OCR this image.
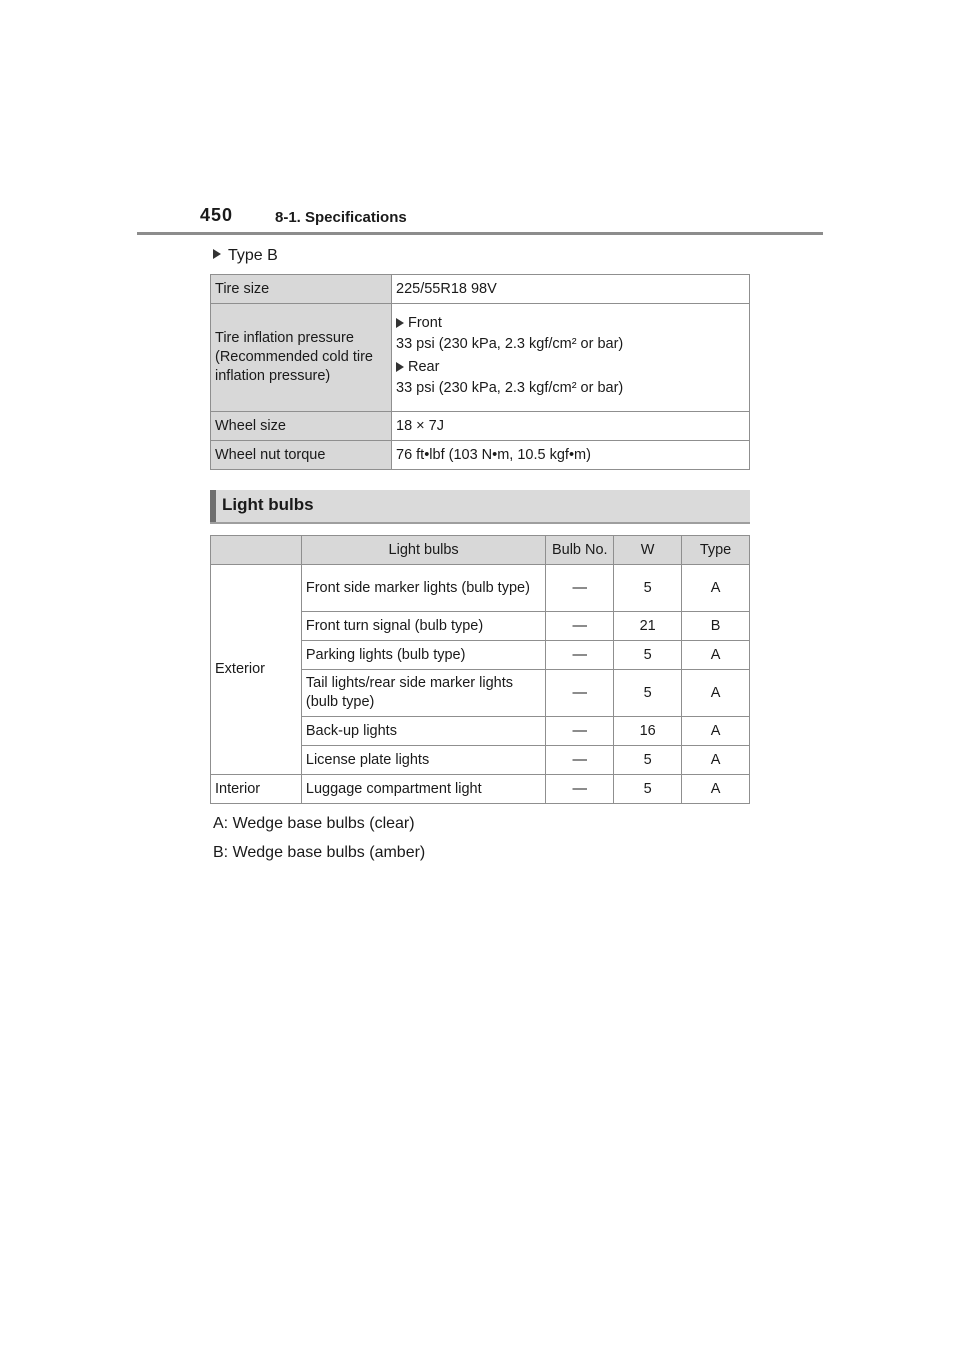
450	8-1. Specifications
Type B
Tire size	225/55R18 98V
Tire inflation pressure (Recommended cold tire inflation pressure)	Front
33 psi (230 kPa, 2.3 kgf/cm² or bar)
Rear
33 psi (230 kPa, 2.3 kgf/cm² or bar)

Wheel size	18 × 7J
Wheel nut torque	76 ft•lbf (103 N•m, 10.5 kgf•m)
Light bulbs
	Light bulbs	Bulb No.	W	Type
Exterior	Front side marker lights (bulb type)	—	5	A
	Front turn signal (bulb type)	—	21	B
	Parking lights (bulb type)	—	5	A
	Tail lights/rear side marker lights (bulb type)	—	5	A
	Back-up lights	—	16	A
	License plate lights	—	5	A
Interior	Luggage compartment light	—	5	A
A: Wedge base bulbs (clear)
B: Wedge base bulbs (amber)
